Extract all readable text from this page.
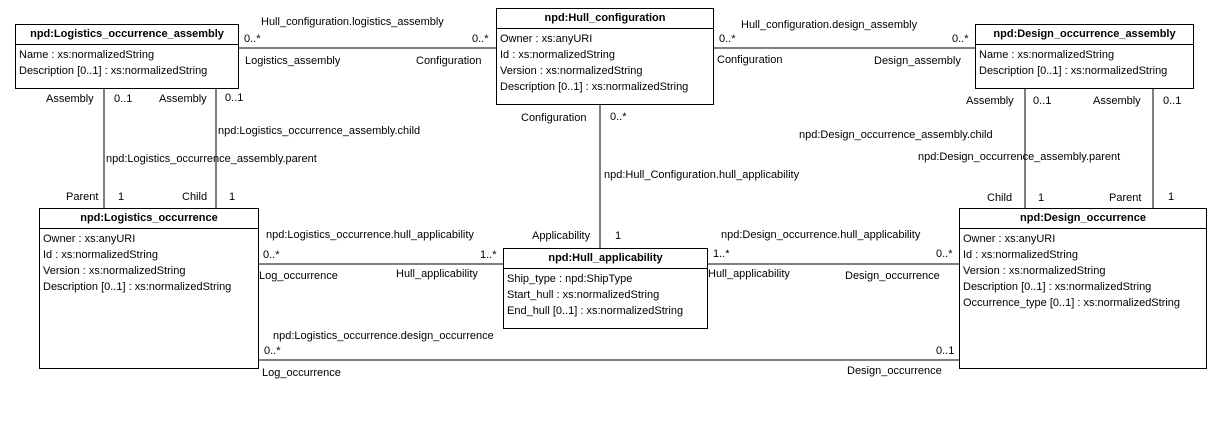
npd:Logistics_occurrence_assembly
Name : xs:normalizedString
Description [0..1] : xs:normalizedString
npd:Hull_configuration
Owner : xs:anyURI
Id : xs:normalizedString
Version : xs:normalizedString
Description [0..1] : xs:normalizedString
npd:Design_occurrence_assembly
Name : xs:normalizedString
Description [0..1] : xs:normalizedString
npd:Logistics_occurrence
Owner : xs:anyURI
Id : xs:normalizedString
Version : xs:normalizedString
Description [0..1] : xs:normalizedString
npd:Hull_applicability
Ship_type : npd:ShipType
Start_hull : xs:normalizedString
End_hull [0..1] : xs:normalizedString
npd:Design_occurrence
Owner : xs:anyURI
Id : xs:normalizedString
Version : xs:normalizedString
Description [0..1] : xs:normalizedString
Occurrence_type [0..1] : xs:normalizedString
Hull_configuration.logistics_assembly
0..*	0..*
Logistics_assembly	Configuration
Hull_configuration.design_assembly
0..*	0..*
Configuration	Design_assembly
Assembly 0..1
npd:Logistics_occurrence_assembly.parent
Parent 1
Assembly 0..1
npd:Logistics_occurrence_assembly.child
Child 1
Configuration 0..*
npd:Hull_Configuration.hull_applicability
Applicability 1
Assembly 0..1
npd:Design_occurrence_assembly.child
Child 1
Assembly 0..1
npd:Design_occurrence_assembly.parent
Parent 1
npd:Logistics_occurrence.hull_applicability
0..*	1..*
Log_occurrence	Hull_applicability
npd:Design_occurrence.hull_applicability
1..*	0..*
Hull_applicability	Design_occurrence
npd:Logistics_occurrence.design_occurrence
0..*	0..1
Log_occurrence	Design_occurrence
